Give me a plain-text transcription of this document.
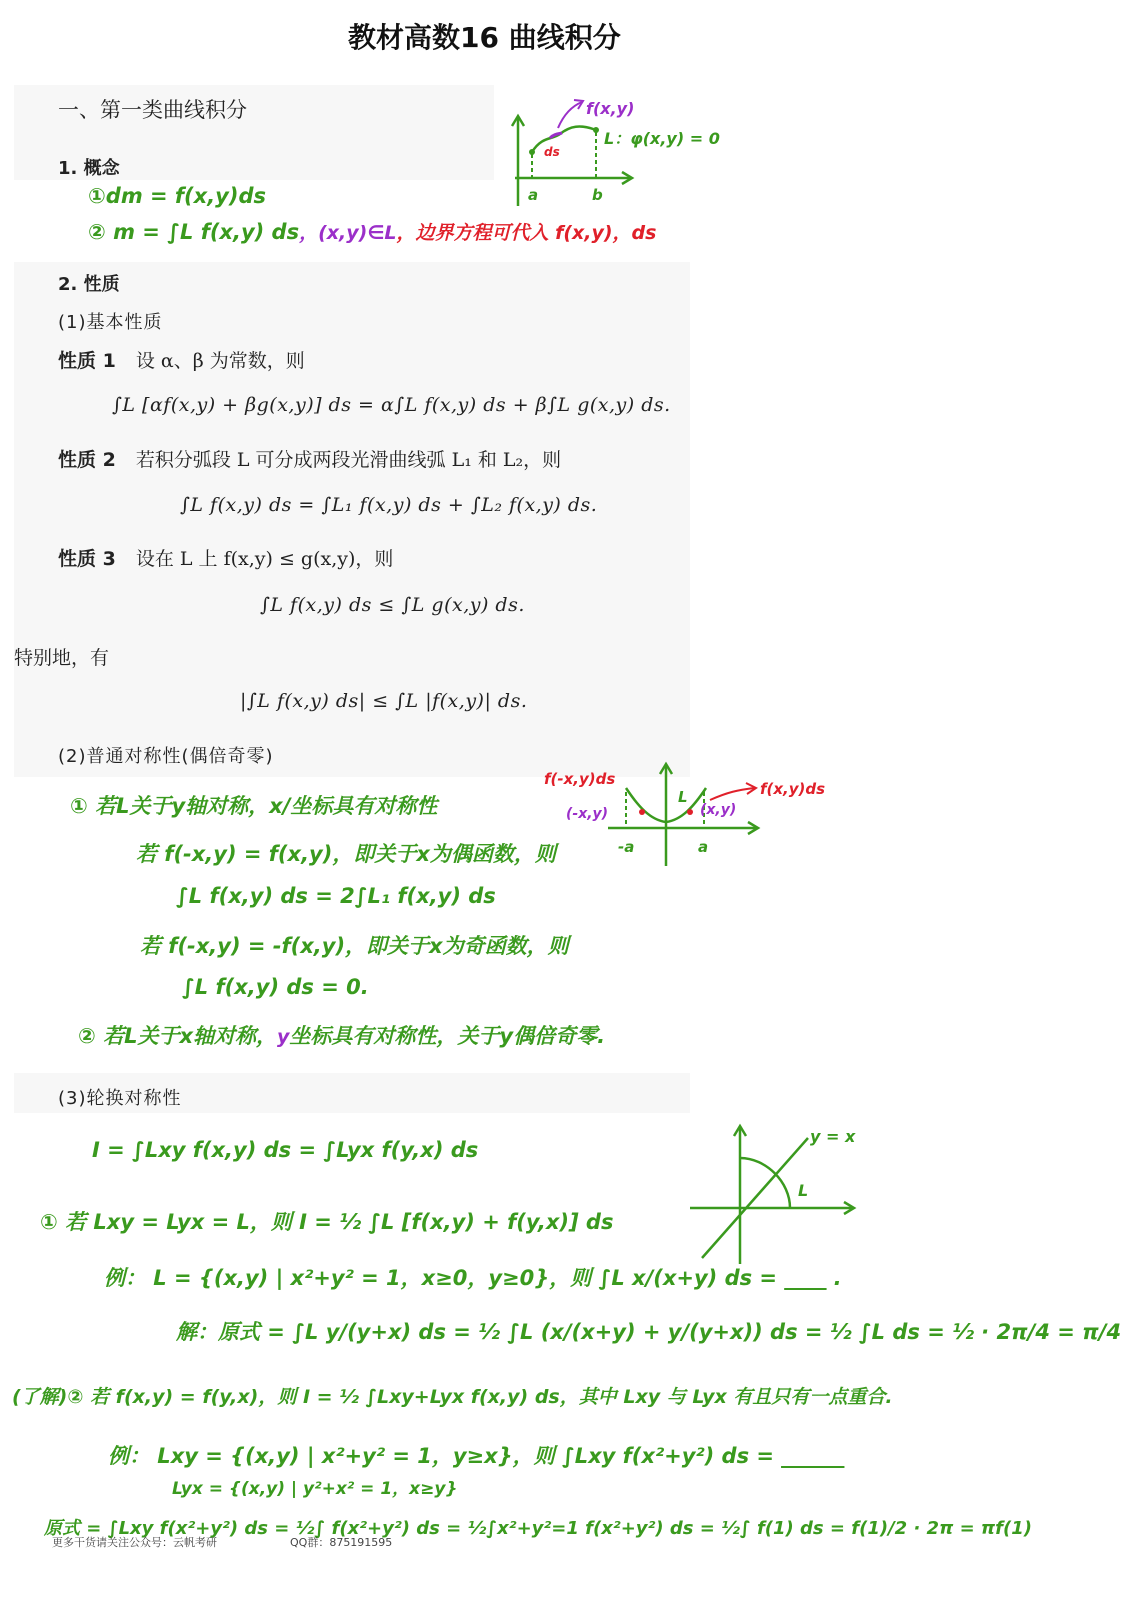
教材高数16 曲线积分
一、第一类曲线积分
1. 概念
①dm = f(x,y)ds
② m = ∫L f(x,y) ds，(x,y)∈L，边界方程可代入 f(x,y)，ds
f(x,y)
L：φ(x,y) = 0
ds
a	b
2. 性质
(1)基本性质
性质 1 设 α、β 为常数，则
∫L [αf(x,y) + βg(x,y)] ds = α∫L f(x,y) ds + β∫L g(x,y) ds.
性质 2 若积分弧段 L 可分成两段光滑曲线弧 L₁ 和 L₂，则
∫L f(x,y) ds = ∫L₁ f(x,y) ds + ∫L₂ f(x,y) ds.
性质 3 设在 L 上 f(x,y) ≤ g(x,y)，则
∫L f(x,y) ds ≤ ∫L g(x,y) ds.
特别地，有
|∫L f(x,y) ds| ≤ ∫L |f(x,y)| ds.
(2)普通对称性(偶倍奇零)
① 若L关于y轴对称，x/坐标具有对称性
若 f(-x,y) = f(x,y)，即关于x为偶函数，则
∫L f(x,y) ds = 2∫L₁ f(x,y) ds
若 f(-x,y) = -f(x,y)，即关于x为奇函数，则
∫L f(x,y) ds = 0.
② 若L关于x轴对称，y坐标具有对称性，关于y偶倍奇零.
f(-x,y)ds
f(x,y)ds
(-x,y)	(x,y)
L
-a	a
(3)轮换对称性
I = ∫Lxy f(x,y) ds = ∫Lyx f(y,x) ds
① 若 Lxy = Lyx = L，则 I = ½ ∫L [f(x,y) + f(y,x)] ds
例： L = {(x,y) | x²+y² = 1，x≥0，y≥0}，则 ∫L x/(x+y) ds = ____ .
解：原式 = ∫L y/(y+x) ds = ½ ∫L (x/(x+y) + y/(y+x)) ds = ½ ∫L ds = ½ · 2π/4 = π/4
(了解)② 若 f(x,y) = f(y,x)，则 I = ½ ∫Lxy+Lyx f(x,y) ds，其中 Lxy 与 Lyx 有且只有一点重合.
例： Lxy = {(x,y) | x²+y² = 1，y≥x}，则 ∫Lxy f(x²+y²) ds = ______
Lyx = {(x,y) | y²+x² = 1，x≥y}
原式 = ∫Lxy f(x²+y²) ds = ½∫ f(x²+y²) ds = ½∫x²+y²=1 f(x²+y²) ds = ½∫ f(1) ds = f(1)/2 · 2π = πf(1)
y = x
L
更多干货请关注公众号：云帆考研	QQ群：875191595
